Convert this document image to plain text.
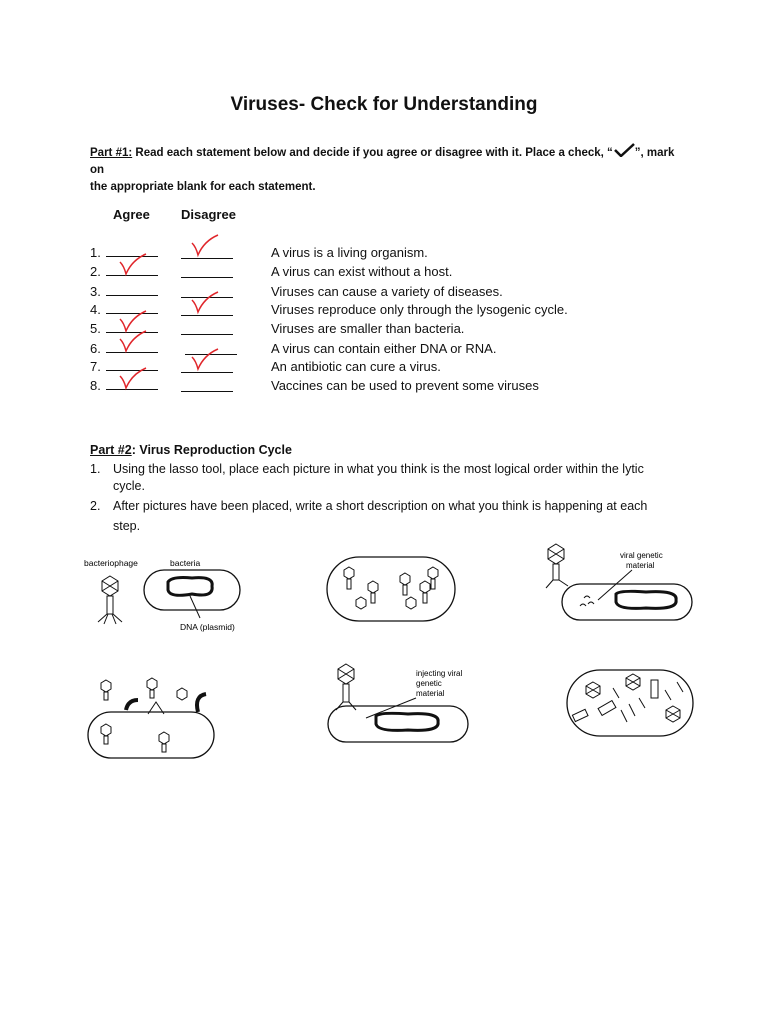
Viruses- Check for Understanding
Part #1: Read each statement below and decide if you agree or disagree with it. Place a check, “ ”, mark on
the appropriate blank for each statement.
Agree Disagree
1.	A virus is a living organism.
2.	A virus can exist without a host.
3.	Viruses can cause a variety of diseases.
4.	Viruses reproduce only through the lysogenic cycle.
5.	Viruses are smaller than bacteria.
6.	A virus can contain either DNA or RNA.
7.	An antibiotic can cure a virus.
8.	Vaccines can be used to prevent some viruses
Part #2: Virus Reproduction Cycle
1.	Using the lasso tool, place each picture in what you think is the most logical order within the lytic cycle.
2.	After pictures have been placed, write a short description on what you think is happening at each step.
bacteriophage	bacteria
DNA (plasmid)
viral genetic
material
injecting viral
genetic
material
